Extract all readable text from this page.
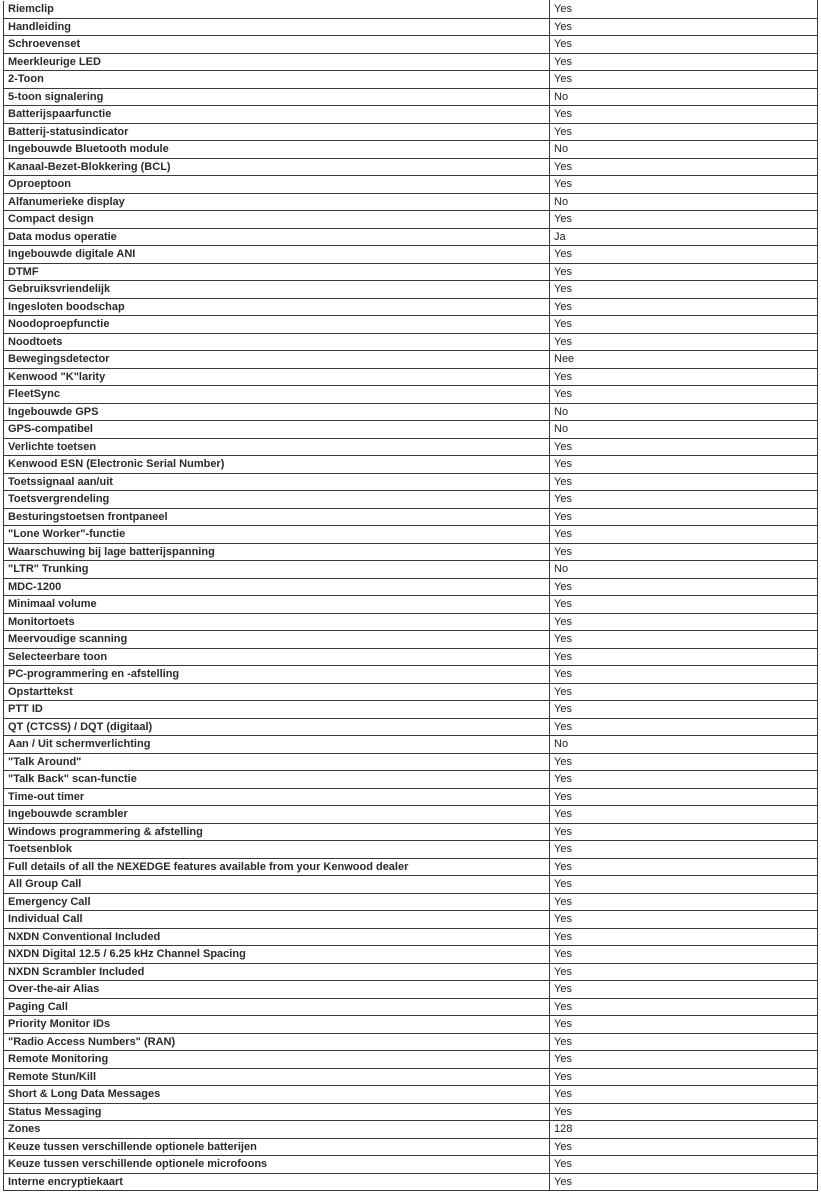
Riemclip	Yes
Handleiding	Yes
Schroevenset	Yes
Meerkleurige LED	Yes
2-Toon	Yes
5-toon signalering	No
Batterijspaarfunctie	Yes
Batterij-statusindicator	Yes
Ingebouwde Bluetooth module	No
Kanaal-Bezet-Blokkering (BCL)	Yes
Oproeptoon	Yes
Alfanumerieke display	No
Compact design	Yes
Data modus operatie	Ja
Ingebouwde digitale ANI	Yes
DTMF	Yes
Gebruiksvriendelijk	Yes
Ingesloten boodschap	Yes
Noodoproepfunctie	Yes
Noodtoets	Yes
Bewegingsdetector	Nee
Kenwood "K"larity	Yes
FleetSync	Yes
Ingebouwde GPS	No
GPS-compatibel	No
Verlichte toetsen	Yes
Kenwood ESN (Electronic Serial Number)	Yes
Toetssignaal aan/uit	Yes
Toetsvergrendeling	Yes
Besturingstoetsen frontpaneel	Yes
"Lone Worker"-functie	Yes
Waarschuwing bij lage batterijspanning	Yes
"LTR" Trunking	No
MDC-1200	Yes
Minimaal volume	Yes
Monitortoets	Yes
Meervoudige scanning	Yes
Selecteerbare toon	Yes
PC-programmering en -afstelling	Yes
Opstarttekst	Yes
PTT ID	Yes
QT (CTCSS) / DQT (digitaal)	Yes
Aan / Uit schermverlichting	No
"Talk Around"	Yes
"Talk Back" scan-functie	Yes
Time-out timer	Yes
Ingebouwde scrambler	Yes
Windows programmering & afstelling	Yes
Toetsenblok	Yes
Full details of all the NEXEDGE features available from your Kenwood dealer	Yes
All Group Call	Yes
Emergency Call	Yes
Individual Call	Yes
NXDN Conventional Included	Yes
NXDN Digital 12.5 / 6.25 kHz Channel Spacing	Yes
NXDN Scrambler Included	Yes
Over-the-air Alias	Yes
Paging Call	Yes
Priority Monitor IDs	Yes
"Radio Access Numbers" (RAN)	Yes
Remote Monitoring	Yes
Remote Stun/Kill	Yes
Short & Long Data Messages	Yes
Status Messaging	Yes
Zones	128
Keuze tussen verschillende optionele batterijen	Yes
Keuze tussen verschillende optionele microfoons	Yes
Interne encryptiekaart	Yes
